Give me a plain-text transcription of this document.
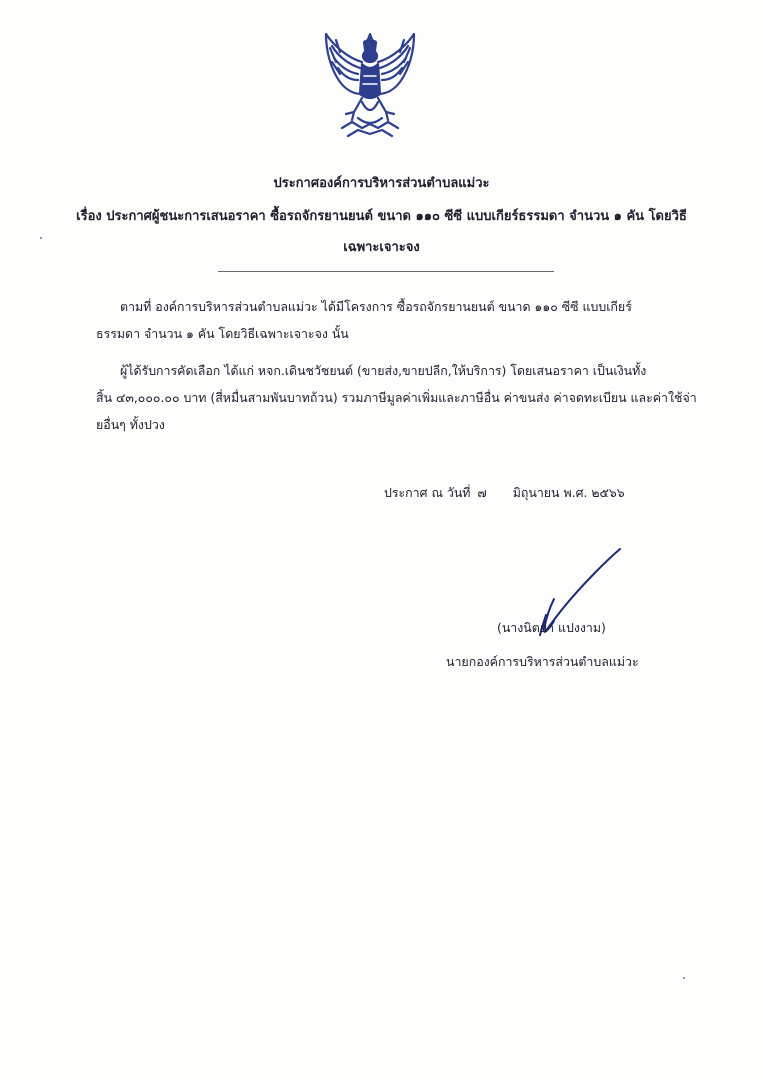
ประกาศองค์การบริหารส่วนตำบลแม่วะ
เรื่อง ประกาศผู้ชนะการเสนอราคา ซื้อรถจักรยานยนต์ ขนาด ๑๑๐ ซีซี แบบเกียร์ธรรมดา จำนวน ๑ คัน โดยวิธี
เฉพาะเจาะจง
ตามที่ องค์การบริหารส่วนตำบลแม่วะ ได้มีโครงการ ซื้อรถจักรยานยนต์ ขนาด ๑๑๐ ซีซี แบบเกียร์
ธรรมดา จำนวน ๑ คัน โดยวิธีเฉพาะเจาะจง นั้น
ผู้ได้รับการคัดเลือก ได้แก่ หจก.เดินชวัชยนต์ (ขายส่ง,ขายปลีก,ให้บริการ) โดยเสนอราคา เป็นเงินทั้ง
สิ้น ๔๓,๐๐๐.๐๐ บาท (สี่หมื่นสามพันบาทถ้วน) รวมภาษีมูลค่าเพิ่มและภาษีอื่น ค่าขนส่ง ค่าจดทะเบียน และค่าใช้จ่า
ยอื่นๆ ทั้งปวง
ประกาศ ณ วันที่ ๗ มิถุนายน พ.ศ. ๒๕๖๖
(นางนิตยา แปงงาม)
นายกองค์การบริหารส่วนตำบลแม่วะ
